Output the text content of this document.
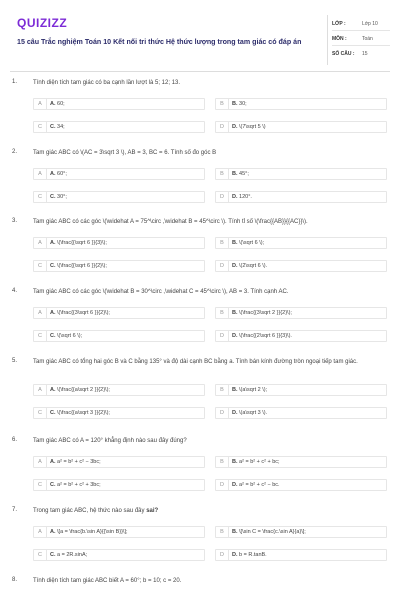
QUIZIZZ
15 câu Trắc nghiệm Toán 10 Kết nối tri thức Hệ thức lượng trong tam giác có đáp án
LỚP :	Lớp 10
MÔN :	Toán
SỐ CÂU : 15
1.	Tính diện tích tam giác có ba cạnh lần lượt là 5; 12; 13.
A	A. 60;	B	B. 30;
C	C. 34;	D	D. \(7\sqrt 5 \)
2.	Tam giác ABC có \(AC = 3\sqrt 3 \), AB = 3, BC = 6. Tính số đo góc B
A	A. 60°;	B	B. 45°;
C	C. 30°;	D	D. 120°.
3.	Tam giác ABC có các góc \(\widehat A = 75^\circ ,\widehat B = 45^\circ \). Tính tỉ số \(\frac{{AB}}{{AC}}\).
A	A. \(\frac{{\sqrt 6 }}{3}\);	B	B. \(\sqrt 6 \);
C	C. \(\frac{{\sqrt 6 }}{2}\);	D	D. \(2\sqrt 6 \).
4.	Tam giác ABC có các góc \(\widehat B = 30^\circ ,\widehat C = 45^\circ \), AB = 3. Tính cạnh AC.
A	A. \(\frac{{3\sqrt 6 }}{2}\);	B	B. \(\frac{{3\sqrt 2 }}{2}\);
C	C. \(\sqrt 6 \);	D	D. \(\frac{{2\sqrt 6 }}{3}\).
5.	Tam giác ABC có tổng hai góc B và C bằng 135° và độ dài cạnh BC bằng a. Tính bán kính đường tròn ngoại tiếp tam giác.
A	A. \(\frac{{a\sqrt 2 }}{2}\);	B	B. \(a\sqrt 2 \);
C	C. \(\frac{{a\sqrt 3 }}{2}\);	D	D. \(a\sqrt 3 \).
6.	Tam giác ABC có A = 120° khẳng định nào sau đây đúng?
A	A. a² = b² + c² − 3bc;	B	B. a² = b² + c² + bc;
C	C. a² = b² + c² + 3bc;	D	D. a² = b² + c² − bc.
7.	Trong tam giác ABC, hệ thức nào sau đây sai?
A	A. \[a = \frac{b.\sin A}{{\sin B}}\];	B	B. \[\sin C = \frac{c.\sin A}{a}\];
C	C. a = 2R.sinA;	D	D. b = R.tanB.
8.	Tính diện tích tam giác ABC biết A = 60°; b = 10; c = 20.
